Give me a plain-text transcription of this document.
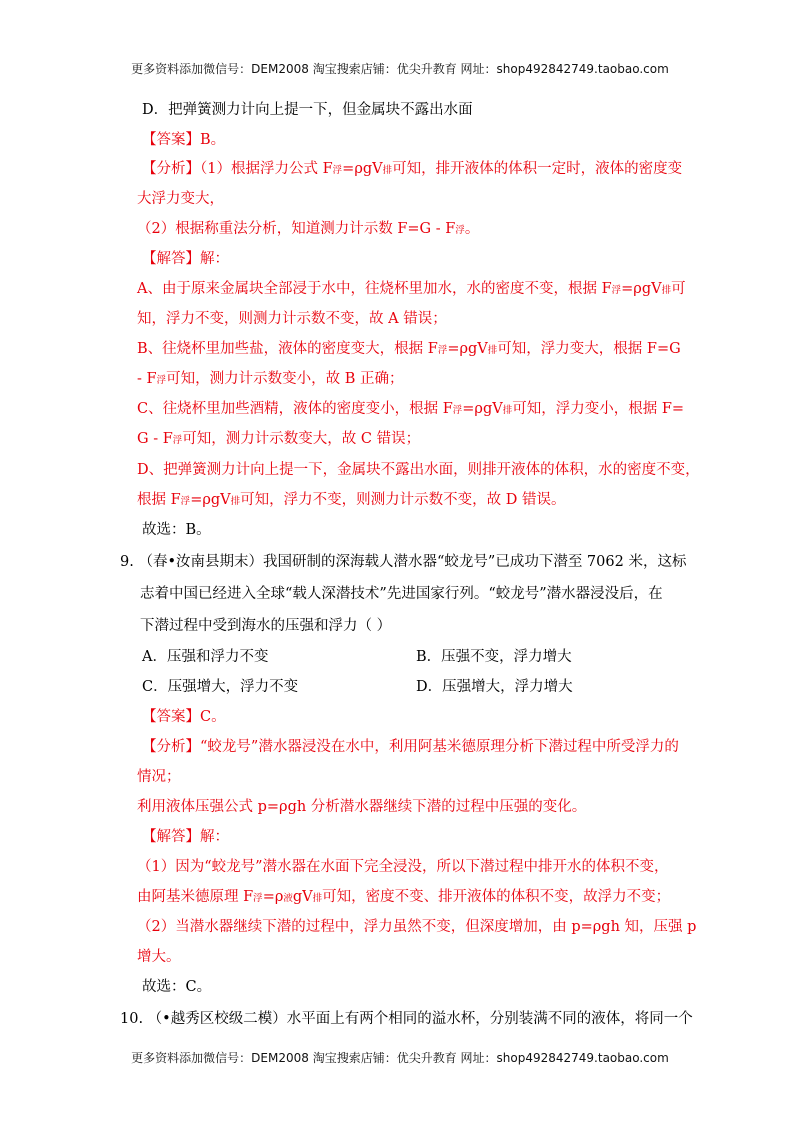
更多资料添加微信号：DEM2008 淘宝搜索店铺：优尖升教育 网址：shop492842749.taobao.com
D．把弹簧测力计向上提一下，但金属块不露出水面
【答案】B。
【分析】（1）根据浮力公式 F浮=ρgV排可知，排开液体的体积一定时，液体的密度变
大浮力变大，
（2）根据称重法分析，知道测力计示数 F=G - F浮。
【解答】解：
A、由于原来金属块全部浸于水中，往烧杯里加水，水的密度不变，根据 F浮=ρgV排可
知，浮力不变，则测力计示数不变，故 A 错误；
B、往烧杯里加些盐，液体的密度变大，根据 F浮=ρgV排可知，浮力变大，根据 F=G
- F浮可知，测力计示数变小，故 B 正确；
C、往烧杯里加些酒精，液体的密度变小，根据 F浮=ρgV排可知，浮力变小，根据 F=
G - F浮可知，测力计示数变大，故 C 错误；
D、把弹簧测力计向上提一下，金属块不露出水面，则排开液体的体积，水的密度不变，
根据 F浮=ρgV排可知，浮力不变，则测力计示数不变，故 D 错误。
故选：B。
9. （春•汝南县期末）我国研制的深海载人潜水器“蛟龙号”已成功下潜至 7062 米，这标
志着中国已经进入全球“载人深潜技术”先进国家行列。“蛟龙号”潜水器浸没后，在
下潜过程中受到海水的压强和浮力（ ）
A．压强和浮力不变	B．压强不变，浮力增大
C．压强增大，浮力不变	D．压强增大，浮力增大
【答案】C。
【分析】“蛟龙号”潜水器浸没在水中，利用阿基米德原理分析下潜过程中所受浮力的
情况；
利用液体压强公式 p=ρgh 分析潜水器继续下潜的过程中压强的变化。
【解答】解：
（1）因为“蛟龙号”潜水器在水面下完全浸没，所以下潜过程中排开水的体积不变，
由阿基米德原理 F浮=ρ液gV排可知，密度不变、排开液体的体积不变，故浮力不变；
（2）当潜水器继续下潜的过程中，浮力虽然不变，但深度增加，由 p=ρgh 知，压强 p
增大。
故选：C。
10. （•越秀区校级二模）水平面上有两个相同的溢水杯，分别装满不同的液体，将同一个
更多资料添加微信号：DEM2008 淘宝搜索店铺：优尖升教育 网址：shop492842749.taobao.com
